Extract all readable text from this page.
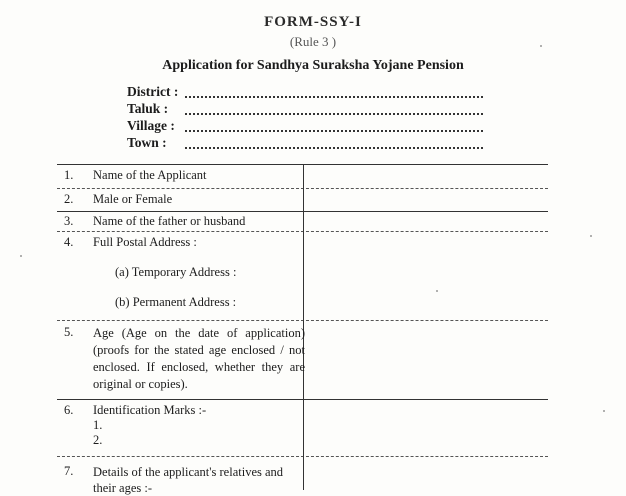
FORM-SSY-I
(Rule 3 )
Application for Sandhya Suraksha Yojane Pension
District :
Taluk :
Village :
Town :
1. Name of the Applicant
2. Male or Female
3. Name of the father or husband
4. Full Postal Address :
(a) Temporary Address :
(b) Permanent Address :
5. Age (Age on the date of application) (proofs for the stated age enclosed / not enclosed. If enclosed, whether they are original or copies).
6. Identification Marks :-
1.
2.
7. Details of the applicant's relatives and their ages :-
